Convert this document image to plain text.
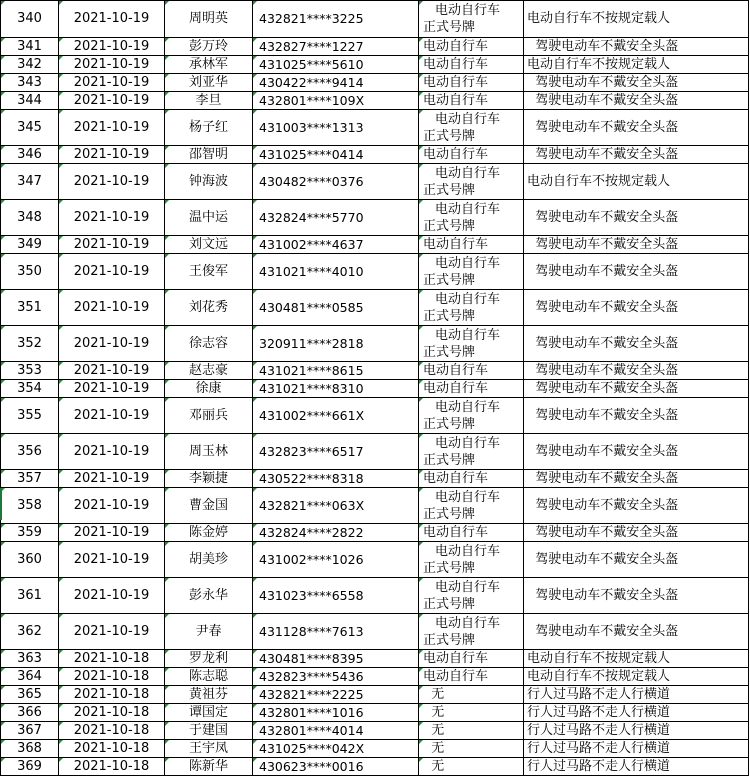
340	2021-10-19	周明英	432821****3225	电动自行车
正式号牌	电动自行车不按规定载人
341	2021-10-19	彭万玲	432827****1227	电动自行车	驾驶电动车不戴安全头盔
342	2021-10-19	承林军	431025****5610	电动自行车	电动自行车不按规定载人
343	2021-10-19	刘亚华	430422****9414	电动自行车	驾驶电动车不戴安全头盔
344	2021-10-19	李旦	432801****109X	电动自行车	驾驶电动车不戴安全头盔
345	2021-10-19	杨子红	431003****1313	电动自行车
正式号牌	驾驶电动车不戴安全头盔
346	2021-10-19	邵智明	431025****0414	电动自行车	驾驶电动车不戴安全头盔
347	2021-10-19	钟海波	430482****0376	电动自行车
正式号牌	电动自行车不按规定载人
348	2021-10-19	温中运	432824****5770	电动自行车
正式号牌	驾驶电动车不戴安全头盔
349	2021-10-19	刘文远	431002****4637	电动自行车	驾驶电动车不戴安全头盔
350	2021-10-19	王俊军	431021****4010	电动自行车
正式号牌	驾驶电动车不戴安全头盔
351	2021-10-19	刘花秀	430481****0585	电动自行车
正式号牌	驾驶电动车不戴安全头盔
352	2021-10-19	徐志容	320911****2818	电动自行车
正式号牌	驾驶电动车不戴安全头盔
353	2021-10-19	赵志豪	431021****8615	电动自行车	驾驶电动车不戴安全头盔
354	2021-10-19	徐康	431021****8310	电动自行车	驾驶电动车不戴安全头盔
355	2021-10-19	邓丽兵	431002****661X	电动自行车
正式号牌	驾驶电动车不戴安全头盔
356	2021-10-19	周玉林	432823****6517	电动自行车
正式号牌	驾驶电动车不戴安全头盔
357	2021-10-19	李颖捷	430522****8318	电动自行车	驾驶电动车不戴安全头盔
358	2021-10-19	曹金国	432821****063X	电动自行车
正式号牌	驾驶电动车不戴安全头盔
359	2021-10-19	陈金婷	432824****2822	电动自行车	驾驶电动车不戴安全头盔
360	2021-10-19	胡美珍	431002****1026	电动自行车
正式号牌	驾驶电动车不戴安全头盔
361	2021-10-19	彭永华	431023****6558	电动自行车
正式号牌	驾驶电动车不戴安全头盔
362	2021-10-19	尹春	431128****7613	电动自行车
正式号牌	驾驶电动车不戴安全头盔
363	2021-10-18	罗龙利	430481****8395	电动自行车	电动自行车不按规定载人
364	2021-10-18	陈志聪	432823****5436	电动自行车	电动自行车不按规定载人
365	2021-10-18	黄祖芬	432821****2225	无	行人过马路不走人行横道
366	2021-10-18	谭国定	432801****1016	无	行人过马路不走人行横道
367	2021-10-18	于建国	432801****4014	无	行人过马路不走人行横道
368	2021-10-18	王宇凤	431025****042X	无	行人过马路不走人行横道
369	2021-10-18	陈新华	430623****0016	无	行人过马路不走人行横道
